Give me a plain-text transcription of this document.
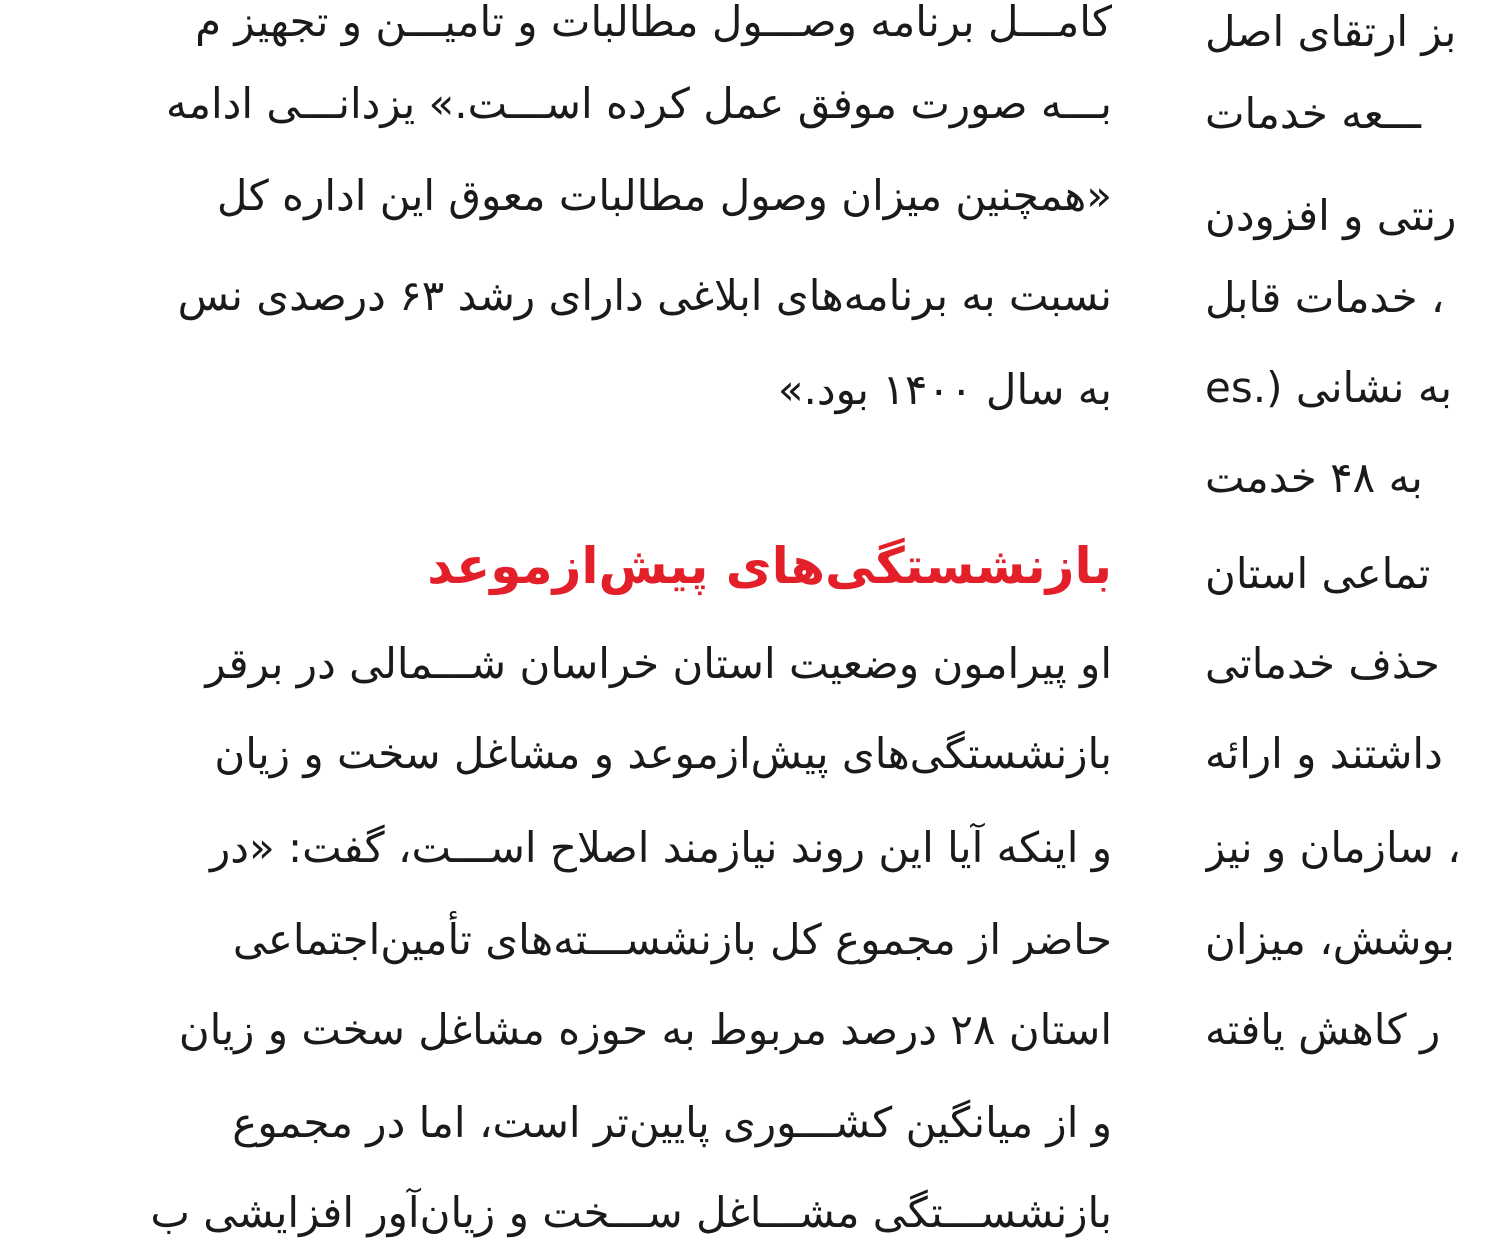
کامـــل برنامه وصـــول مطالبات و تامیـــن و تجهیز م
بـــه صورت موفق عمل کرده اســـت.» یزدانـــی ادامه
«همچنین میزان وصول مطالبات معوق این اداره کل
نسبت به برنامه‌های ابلاغی دارای رشد ۶۳ درصدی نس
به سال ۱۴۰۰ بود.»
بازنشستگی‌های پیش‌ازموعد
او پیرامون وضعیت استان خراسان شـــمالی در برقر
بازنشستگی‌های پیش‌ازموعد و مشاغل سخت و زیان
و اینکه آیا این روند نیازمند اصلاح اســـت، گفت: «در
حاضر از مجموع کل بازنشســـته‌های تأمین‌اجتماعی
استان ۲۸ درصد مربوط به حوزه مشاغل سخت و زیان
و از میانگین کشـــوری پایین‌تر است، اما در مجموع
بازنشســـتگی مشـــاغل ســـخت و زیان‌آور افزایشی ب
بز ارتقای اصل
ـــعه خدمات
رنتی و افزودن
، خدمات قابل
به نشانی (.es
به ۴۸ خدمت
تماعی استان
حذف خدماتی
داشتند و ارائه
، سازمان و نیز
بوشش، میزان
ر کاهش یافته
